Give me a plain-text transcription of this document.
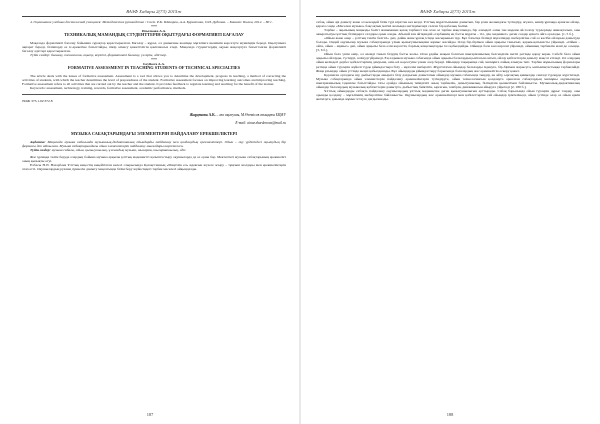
ВАЗФ Хабары 2(73) 2015ж

4. Оценивание учебных достижений учащихся: Методическое руководство / Сост. Р.К. Шакиров, А.А. Буркитова, О.И. Дудкина. – Бишкек: Билим, 2012. – 80 с.

***

Исылкова А.А.

ТЕХНИКАЛЫҚ МАМАНДЫҚ СТУДЕНТТЕРІН ОҚЫТУДАҒЫ ФОРМАТИВТІ БАҒАЛАУ

Мақалада формативті бағалау бойынша сұрақтар қарастырылған. Бағалау – құрал, ол дамығаны жөнінде мұғалімге шешімін көрсетуге мүмкіндік береді. Оқытушыға ақпарат береді, білімгерді өз іс-әрекетіне бағыттайды, пікір алмасу қажеттілігін қамтамасыз етеді. Мақалада студенттердің оқуын жақсартуға бағытталған формативті бағалау әдістері қарастырылған.

Түйін сөздер: бағалау, технология, оқыту, керісті, формативті бағалау, үлгерім, әдістер.

***

Issylkova A.A.

FORMATIVE ASSESSMENT IN TEACHING STUDENTS OF TECHNICAL SPECIALTIES

The article deals with the issues of formative assessment. Assessment is a tool that allows you to determine the development, progress in teaching, a method of correcting the activities of students, with which the teacher determines the level of preparedness of the student. Formative assessment focuses on improving learning outcomes and improving teaching. Formative assessment refers to all activities that are carried out by the teacher and the student. It provides feedback to regulate learning and teaching for the benefit of the learner.

Keywords: assessment, technology, training, rewards, formative assessment, academic performance, methods.

ӘОЖ 373.1.02:372.8

Жарденова А.К. – аға оқытушы, М.Өтемісов атындағы БҚМУ

E-mail: ainur.zhardenova@mail.ru

МҰЗЫКА САБАҚТАРЫНДАҒЫ ЭЛЕМЕНТЕРІН ПАЙДАЛАНУ ЕРЕКШЕЛІКТЕРІ

Аңдатпа: Мақалада музыка сабағында музыкалық-дидактикалық ойындарды пайдалану мен қолданудың ерекшеліктері. Ойын – оқу үрдісіндегі оқытудың бір формасы деп айтылған. Музыка сабақтарындағы ойын элементтерін пайдалану мысалдары көрсетілген.

Түйін сөздер: музыка сабағы, ойын, қызығушылық, ұжымдық музыка, шығарма, шығармашылық, әдіс.

Жас ұрпаққа тәлім беруде олардың бойына музыка арқылы ұлттық мәдениетті қалыптастыру оқушыларда да өз орны бар. Мектептегі музыка сабақтарының ерекшелігі оның қызықты өтуі.

Елбасы Н.Ә. Назарбаев Ұлттық кеңестің кеңейтілген келесі отырысында Қазақстанның «Мәңгілік ел» идеясын жүзеге асыру – тұңғыш жолдары мен ерекшеліктерін атап өтті. Оқушылардың рухани дүниесін дамыту мақсатында білім беру жүйесіндегі тәрбие мәселесі айқындалды.

187
ВАЗФ Хабары 2(73) 2015ж

сабақ, ойын әрі дамыту және ол кезеңдей білік түрі кірістен кез келді. Ұлттық мұраттығымен дамытып, бар ұлан жолындағы түсіндіру, жүзеге, кешір ұрпаққа арнаған ойлар, қараға сәнде «Мәселен музыка» бақсақтың мәтіні жолында негіздемелері салған бір қабалық бөлімі.

Тәрбие – ақылының маңызды бөлігі жаныменен қазақ тәрбиесі тек оған ол тәрбие мақсатында, бір әлемдегі өзіне тән мәдени ой-толғау түрлерінде жинақталып, оны ажыратылуы ұлттың білімдерге салдары орын алады. Абылай хан айтқандай «тәрбиенің ең басты мұраты – тіл, дін, мәдениет» деген сөздер еріксіз ойға оралады. [1, 5 б.].

«Ойын және өнер – ұлттың тектік белгісі» деп, дәйек және ұрпақ ісінде жасырынып тұр. Бұл бағытқа білімді мұғалімдер шеберлігіне сай өз кәсіби ойларын дамытуда болады. Ондай оқушылар музыка сабақтарында үлкен қызығушылықпен жұмыс жасайды. Олар бір-бірімен ойын арқылы танысып, қарым-қатынасты үйренеді. «Ойын – ойла, ойын – жұмыс» деп, ойын арқылы бала өзін көрсетіп, барлық жаңалықтарды тез қабылдайды. Ойында бала көп нәрсені үйренеді, ойынның тәрбиелік мәні де осында. [3, 6 б.].

Ойын бала үшін өмір, ол әлемді танып білудің басты жолы. Оған ұдайы жақын болатын шығармашылық белсенділік негізі ретінде қарау керек. Себебі бала ойын арқылы ойлауды, түсінуді, сезінуді үйренеді. Ең алдымен музыка сабағында ойын арқылы балалардың ынтасын оятып, ойлау қабілеттерін дамыту мақсат етіледі. Ол олардың ойын кезіндегі дербес қабілеттерінің дамуына, өзін-өзі көрсетуіне үлкен әсер береді. Ойындар тақырыпқа сай, мазмұнға лайық алынуы тиіс. Тәрбие жұмысының формалары ретінде ойын түрлерін жүйелі түрде ұйымдастыра білу – мұғалім шеберлігі. Жүргізілген ойындар балаларды ізденуге, бір-бірімен жарысуға, ынтымақтастыққа тәрбиелейді. Жаңа ұғымдар ойын үстінде жеңіл қабылданады. Бұл ойындарды ұйымдастыру барысында балалардың жас ерекшелігін ескеру қажет.

Қоршаған ортадағы шу, дыбыстарды ажырата білу дағдысын дамытатын ойындар музыка сабағында тыңдау, ән айту, ырғақтық қимылдар секілді түрлерде жүргізіледі. Музыка сабақтарында ойын элементтерін пайдалану ерекшеліктерін түсіндіруге, ойын технологиясын қолдануға арналған сабақтардың мазмұны оқушыларды шығармашылық ізденіске бағыттайды. Осы орайда ойынның тиімділігі оның тәрбиелік, дамытушылық, білімділік қызметімен байланысты. Музыкалық-дидактикалық ойындар балалардың музыкалық қабілеттерін дамытуға, дыбыстың биіктігін, ырғағын, тембрін, динамикасын айыруға үйретеді [2, 180 б.].

Ұлттық ойындарды сабақта пайдалану оқушылардың ұлттық мәдениетке деген қызығушылығын арттырады. Сабақ барысында ойын түрлерін дұрыс таңдау, оны орынды қолдану – мұғалімнің шеберлігіне байланысты. Оқушылардың жас ерекшеліктері мен қабілеттеріне сай ойындар іріктелінеді, ойын үстінде олар өз ойын еркін жеткізуге, ұжымда жұмыс істеуге дағдыланады.

188
